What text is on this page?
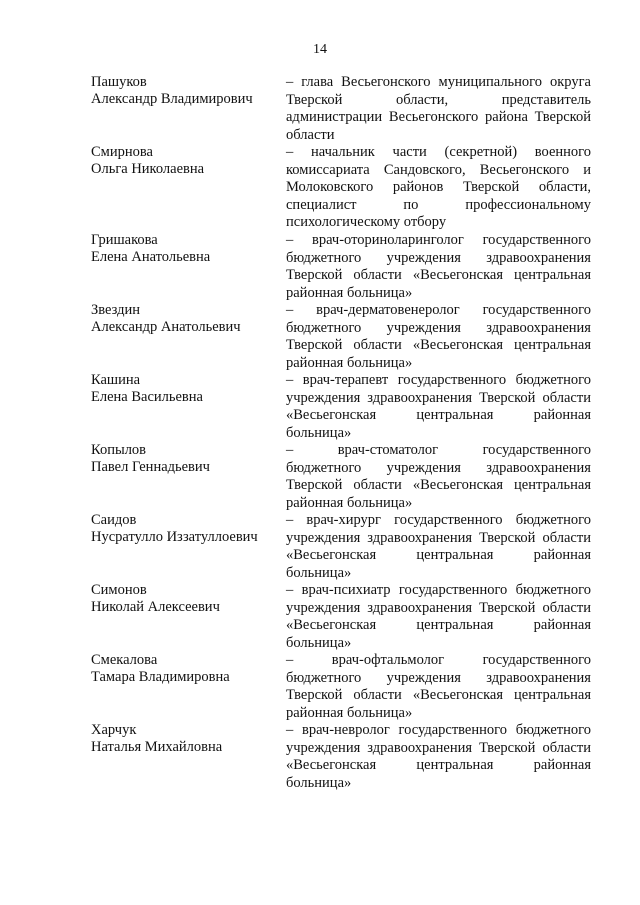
14
Пашуков
Александр Владимирович
– глава Весьегонского муниципального округа
Тверской	области,	представитель
администрации Весьегонского района Тверской
области
Смирнова
Ольга Николаевна
– начальник части (секретной) военного
комиссариата Сандовского, Весьегонского и
Молоковского районов Тверской области,
специалист	по	профессиональному
психологическому отбору
Гришакова
Елена Анатольевна
– врач-оториноларинголог государственного
бюджетного учреждения здравоохранения
Тверской области «Весьегонская центральная
районная больница»
Звездин
Александр Анатольевич
– врач-дерматовенеролог государственного
бюджетного учреждения здравоохранения
Тверской области «Весьегонская центральная
районная больница»
Кашина
Елена Васильевна
– врач-терапевт государственного бюджетного
учреждения здравоохранения Тверской области
«Весьегонская	центральная	районная
больница»
Копылов
Павел Геннадьевич
–	врач-стоматолог	государственного
бюджетного учреждения здравоохранения
Тверской области «Весьегонская центральная
районная больница»
Саидов
Нусратулло Иззатуллоевич
– врач-хирург государственного бюджетного
учреждения здравоохранения Тверской области
«Весьегонская	центральная	районная
больница»
Симонов
Николай Алексеевич
– врач-психиатр государственного бюджетного
учреждения здравоохранения Тверской области
«Весьегонская	центральная	районная
больница»
Смекалова
Тамара Владимировна
–	врач-офтальмолог	государственного
бюджетного учреждения здравоохранения
Тверской области «Весьегонская центральная
районная больница»
Харчук
Наталья Михайловна
– врач-невролог государственного бюджетного
учреждения здравоохранения Тверской области
«Весьегонская	центральная	районная
больница»
